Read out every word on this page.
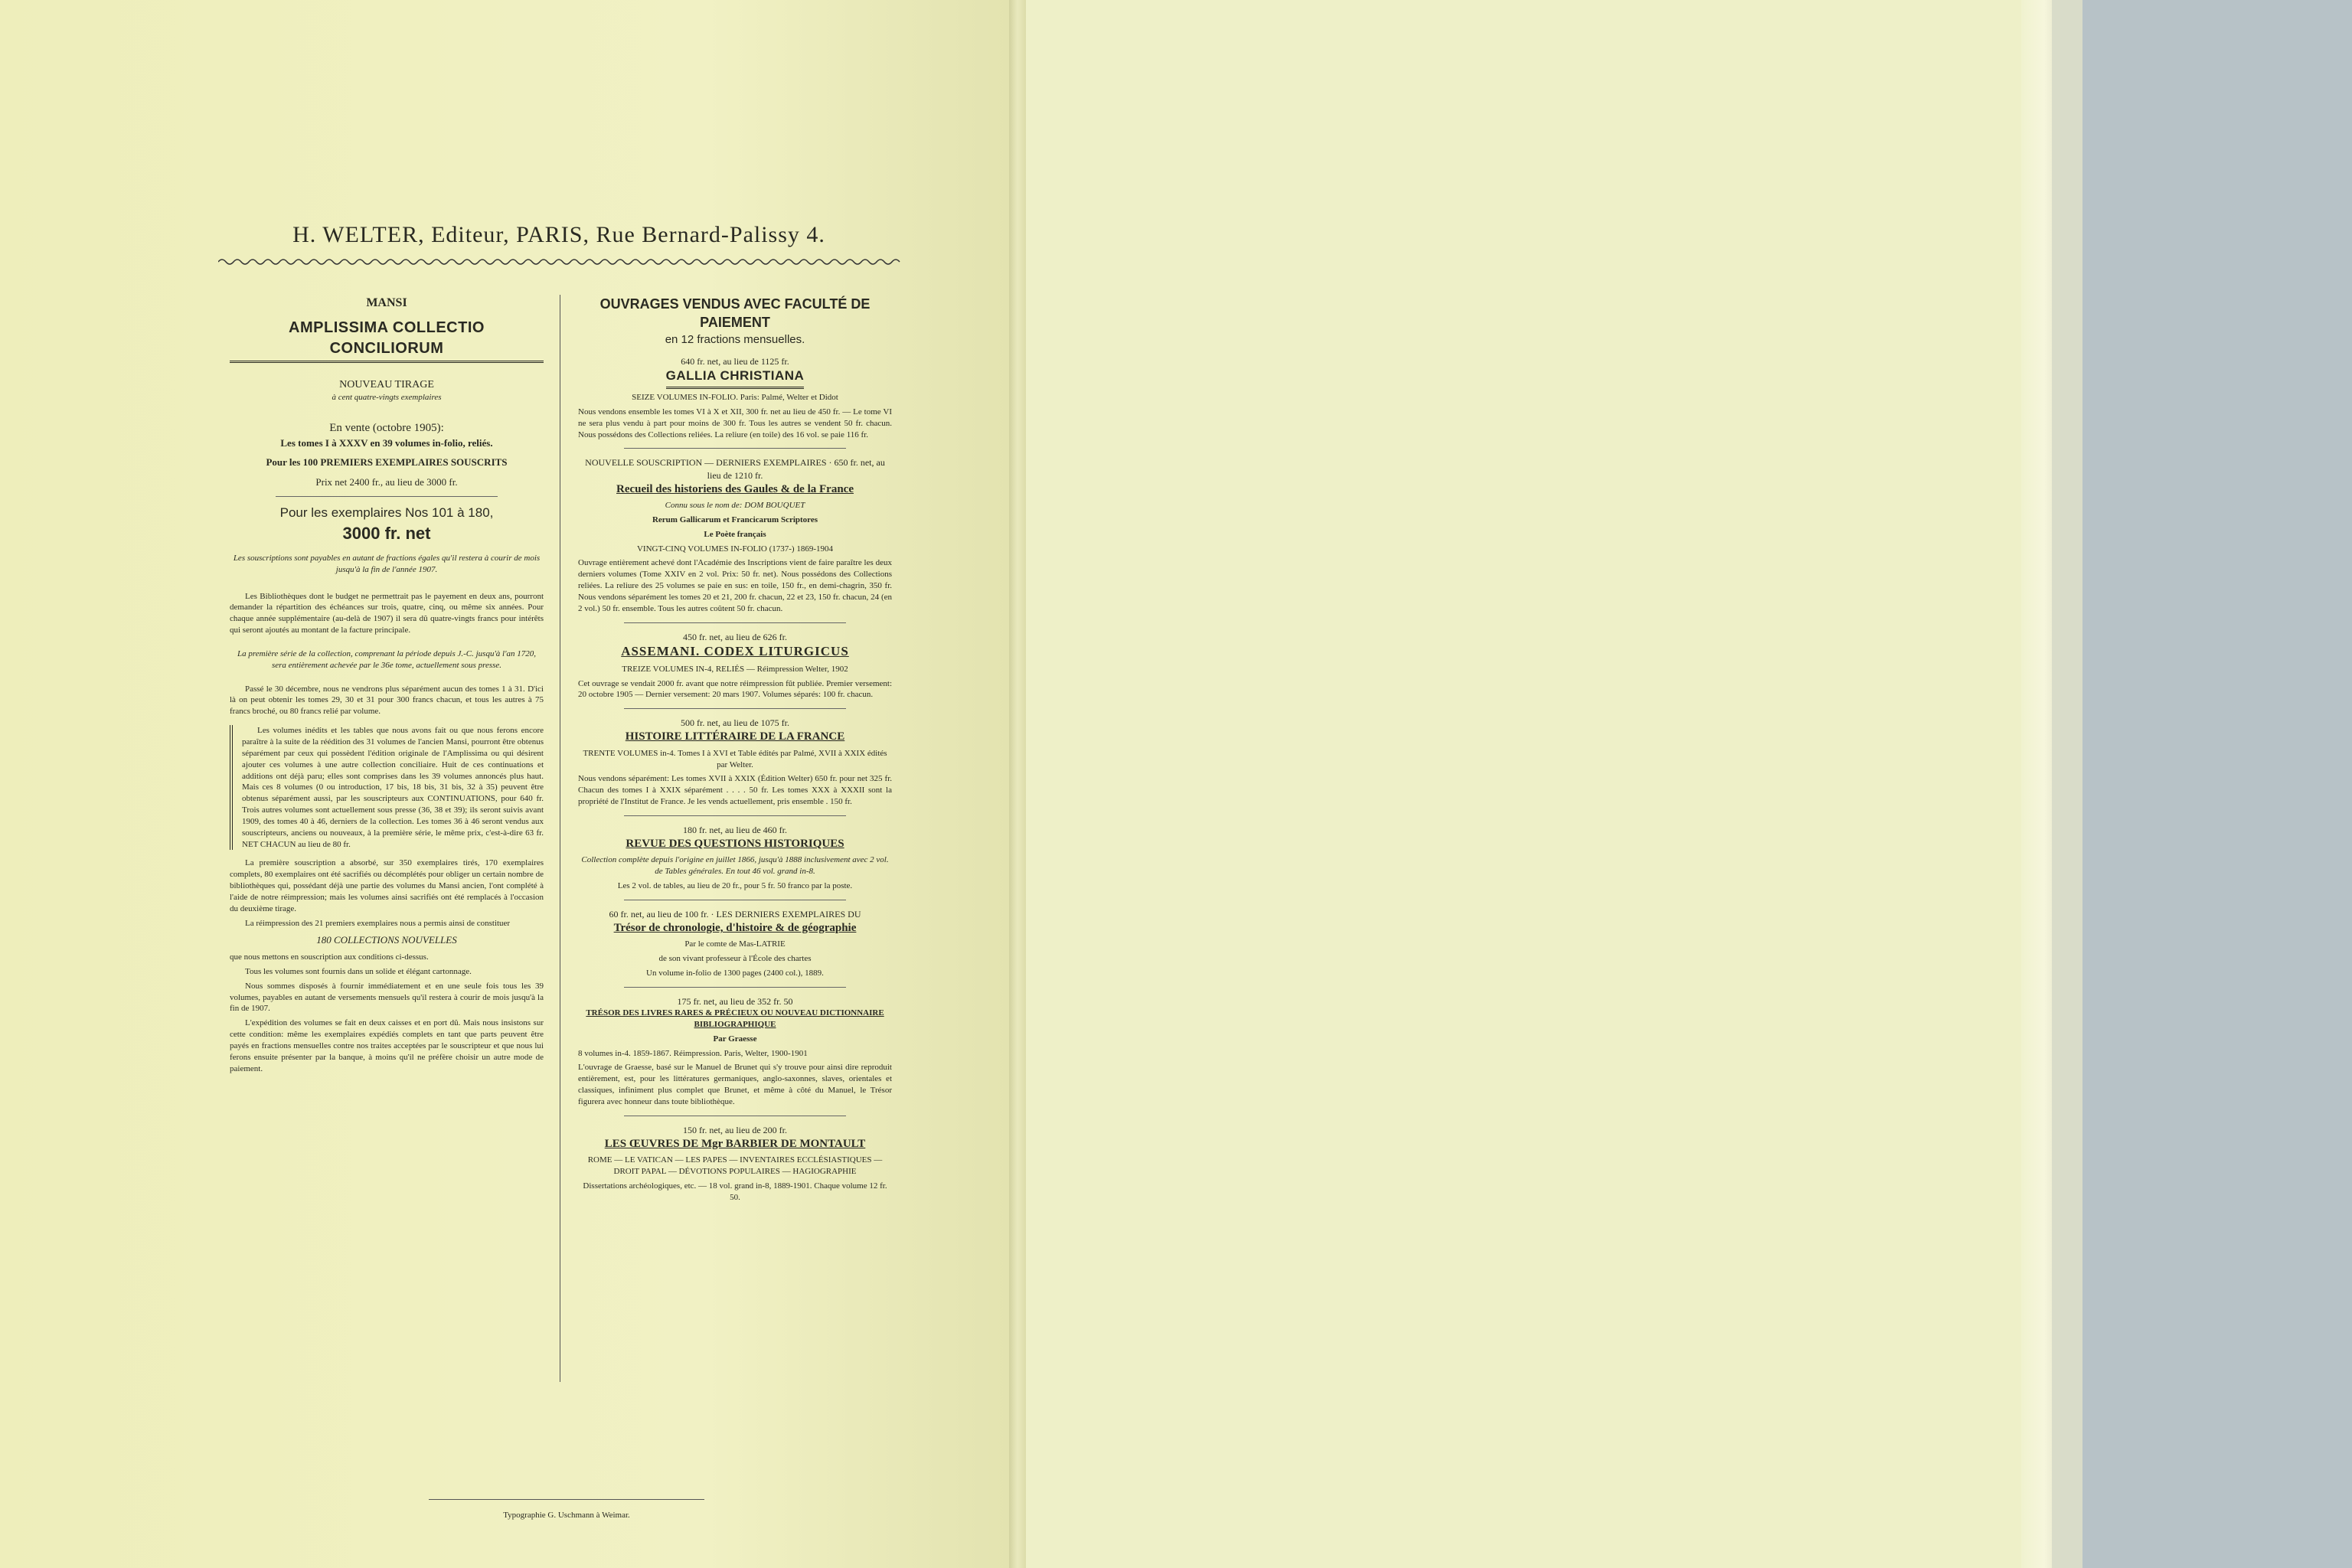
H. WELTER, Editeur, PARIS, Rue Bernard-Palissy 4.
MANSI
AMPLISSIMA COLLECTIO CONCILIORUM
NOUVEAU TIRAGE
à cent quatre-vingts exemplaires
En vente (octobre 1905):
Les tomes I à XXXV en 39 volumes in-folio, reliés.
Pour les 100 PREMIERS EXEMPLAIRES SOUSCRITS
Prix net 2400 fr., au lieu de 3000 fr.
Pour les exemplaires Nos 101 à 180,
3000 fr. net

Les souscriptions sont payables en autant de fractions égales qu'il restera à courir de mois jusqu'à la fin de l'année 1907.

Les Bibliothèques dont le budget ne permettrait pas le payement en deux ans, pourront demander la répartition des échéances sur trois, quatre, cinq, ou même six années. Pour chaque année supplémentaire (au-delà de 1907) il sera dû quatre-vingts francs pour intérêts qui seront ajoutés au montant de la facture principale.

La première série de la collection, comprenant la période depuis J.-C. jusqu'à l'an 1720, sera entièrement achevée par le 36e tome, actuellement sous presse.

Passé le 30 décembre, nous ne vendrons plus séparément aucun des tomes 1 à 31. D'ici là on peut obtenir les tomes 29, 30 et 31 pour 300 francs chacun, et tous les autres à 75 francs broché, ou 80 francs relié par volume.

Les volumes inédits et les tables que nous avons fait ou que nous ferons encore paraître à la suite de la réédition des 31 volumes de l'ancien Mansi, pourront être obtenus séparément par ceux qui possèdent l'édition originale de l'Amplissima ou qui désirent ajouter ces volumes à une autre collection conciliaire. Huit de ces continuations et additions ont déjà paru; elles sont comprises dans les 39 volumes annoncés plus haut. Mais ces 8 volumes (0 ou introduction, 17 bis, 18 bis, 31 bis, 32 à 35) peuvent être obtenus séparément aussi, par les souscripteurs aux CONTINUATIONS, pour 640 fr. Trois autres volumes sont actuellement sous presse (36, 38 et 39); ils seront suivis avant 1909, des tomes 40 à 46, derniers de la collection. Les tomes 36 à 46 seront vendus aux souscripteurs, anciens ou nouveaux, à la première série, le même prix, c'est-à-dire 63 fr. NET CHACUN au lieu de 80 fr.

La première souscription a absorbé, sur 350 exemplaires tirés, 170 exemplaires complets, 80 exemplaires ont été sacrifiés ou décomplétés pour obliger un certain nombre de bibliothèques qui, possédant déjà une partie des volumes du Mansi ancien, l'ont complété à l'aide de notre réimpression; mais les volumes ainsi sacrifiés ont été remplacés à l'occasion du deuxième tirage.

La réimpression des 21 premiers exemplaires nous a permis ainsi de constituer

180 COLLECTIONS NOUVELLES

que nous mettons en souscription aux conditions ci-dessus.

Tous les volumes sont fournis dans un solide et élégant cartonnage.

Nous sommes disposés à fournir immédiatement et en une seule fois tous les 39 volumes, payables en autant de versements mensuels qu'il restera à courir de mois jusqu'à la fin de 1907.

L'expédition des volumes se fait en deux caisses et en port dû. Mais nous insistons sur cette condition: même les exemplaires expédiés complets en tant que parts peuvent être payés en fractions mensuelles contre nos traites acceptées par le souscripteur et que nous lui ferons ensuite présenter par la banque, à moins qu'il ne préfère choisir un autre mode de paiement.

OUVRAGES VENDUS AVEC FACULTÉ DE PAIEMENT
en 12 fractions mensuelles.
640 fr. net, au lieu de 1125 fr.
GALLIA CHRISTIANA

SEIZE VOLUMES IN-FOLIO. Paris: Palmé, Welter et Didot

Nous vendons ensemble les tomes VI à X et XII, 300 fr. net au lieu de 450 fr. — Le tome VI ne sera plus vendu à part pour moins de 300 fr. Tous les autres se vendent 50 fr. chacun. Nous possédons des Collections reliées. La reliure (en toile) des 16 vol. se paie 116 fr.

NOUVELLE SOUSCRIPTION — DERNIERS EXEMPLAIRES · 650 fr. net, au lieu de 1210 fr.
Recueil des historiens des Gaules & de la France

Connu sous le nom de: DOM BOUQUET

Rerum Gallicarum et Francicarum Scriptores

Le Poète français

VINGT-CINQ VOLUMES IN-FOLIO (1737-) 1869-1904

Ouvrage entièrement achevé dont l'Académie des Inscriptions vient de faire paraître les deux derniers volumes (Tome XXIV en 2 vol. Prix: 50 fr. net). Nous possédons des Collections reliées. La reliure des 25 volumes se paie en sus: en toile, 150 fr., en demi-chagrin, 350 fr. Nous vendons séparément les tomes 20 et 21, 200 fr. chacun, 22 et 23, 150 fr. chacun, 24 (en 2 vol.) 50 fr. ensemble. Tous les autres coûtent 50 fr. chacun.

450 fr. net, au lieu de 626 fr.
ASSEMANI. CODEX LITURGICUS

TREIZE VOLUMES IN-4, RELIÉS — Réimpression Welter, 1902

Cet ouvrage se vendait 2000 fr. avant que notre réimpression fût publiée. Premier versement: 20 octobre 1905 — Dernier versement: 20 mars 1907. Volumes séparés: 100 fr. chacun.

500 fr. net, au lieu de 1075 fr.
HISTOIRE LITTÉRAIRE DE LA FRANCE

TRENTE VOLUMES in-4. Tomes I à XVI et Table édités par Palmé, XVII à XXIX édités par Welter.

Nous vendons séparément: Les tomes XVII à XXIX (Édition Welter) 650 fr. pour net 325 fr. Chacun des tomes I à XXIX séparément . . . . 50 fr. Les tomes XXX à XXXII sont la propriété de l'Institut de France. Je les vends actuellement, pris ensemble . 150 fr.

180 fr. net, au lieu de 460 fr.
REVUE DES QUESTIONS HISTORIQUES

Collection complète depuis l'origine en juillet 1866, jusqu'à 1888 inclusivement avec 2 vol. de Tables générales. En tout 46 vol. grand in-8.

Les 2 vol. de tables, au lieu de 20 fr., pour 5 fr. 50 franco par la poste.

60 fr. net, au lieu de 100 fr. · LES DERNIERS EXEMPLAIRES DU
Trésor de chronologie, d'histoire & de géographie

Par le comte de Mas-LATRIE

de son vivant professeur à l'École des chartes

Un volume in-folio de 1300 pages (2400 col.), 1889.

175 fr. net, au lieu de 352 fr. 50
TRÉSOR DES LIVRES RARES & PRÉCIEUX OU NOUVEAU DICTIONNAIRE BIBLIOGRAPHIQUE

Par Graesse

8 volumes in-4. 1859-1867. Réimpression. Paris, Welter, 1900-1901

L'ouvrage de Graesse, basé sur le Manuel de Brunet qui s'y trouve pour ainsi dire reproduit entièrement, est, pour les littératures germaniques, anglo-saxonnes, slaves, orientales et classiques, infiniment plus complet que Brunet, et même à côté du Manuel, le Trésor figurera avec honneur dans toute bibliothèque.

150 fr. net, au lieu de 200 fr.
LES ŒUVRES DE Mgr BARBIER DE MONTAULT

ROME — LE VATICAN — LES PAPES — INVENTAIRES ECCLÉSIASTIQUES — DROIT PAPAL — DÉVOTIONS POPULAIRES — HAGIOGRAPHIE

Dissertations archéologiques, etc. — 18 vol. grand in-8, 1889-1901. Chaque volume 12 fr. 50.

Typographie G. Uschmann à Weimar.
